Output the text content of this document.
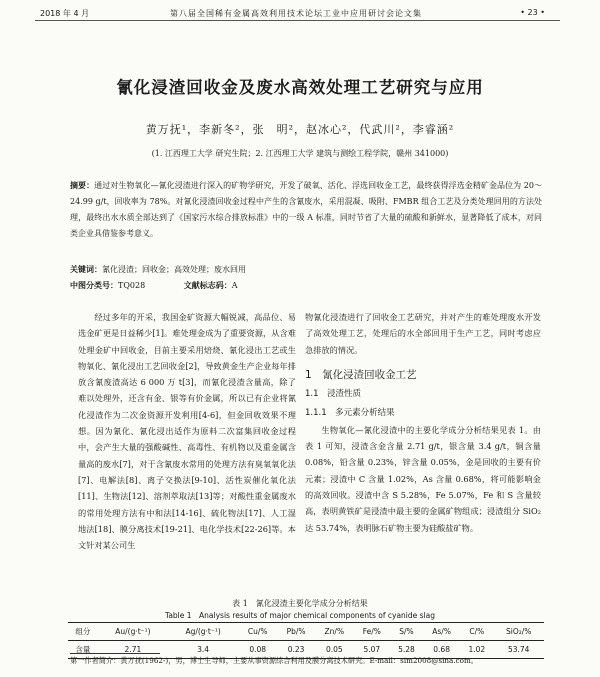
2018 年 4 月	第八届全国稀有金属高效利用技术论坛工业中应用研讨会论文集	• 23 •
氰化浸渣回收金及废水高效处理工艺研究与应用
黄万抚¹，李新冬²，张　明²，赵冰心²，代武川²，李睿涵²
(1. 江西理工大学 研究生院；2. 江西理工大学 建筑与测绘工程学院，赣州 341000)
摘要：通过对生物氧化—氰化浸渣进行深入的矿物学研究，开发了破氧、活化、浮选回收金工艺，最终获得浮选金精矿金品位为 20～24.99 g/t，回收率为 78%。对氰化浸渣回收金过程中产生的含氰废水，采用混凝、吸附、FMBR 组合工艺及分类处理回用的方法处理，最终出水水质全部达到了《国家污水综合排放标准》中的一级 A 标准，同时节省了大量的硫酸和新鲜水，显著降低了成本，对同类企业具借鉴参考意义。
关键词：氰化浸渣；回收金；高效处理；废水回用
中图分类号：TQ028	文献标志码：A
经过多年的开采，我国金矿资源大幅锐减，高品位、易选金矿更是日益稀少[1]。难处理金成为了重要资源，从含难处理金矿中回收金，目前主要采用焙烧、氰化浸出工艺或生物氧化、氰化浸出工艺回收金[2]，导致黄金生产企业每年排放含氰废渣高达 6 000 万 t[3]，而氰化浸渣含量高，除了难以处理外，还含有金、银等有价金属，所以已有企业将氰化浸渣作为二次金资源开发利用[4-6]，但金回收效果不理想。因为氰化、氰化浸出适作为原料二次富集回收金过程中，会产生大量的强酸碱性、高毒性、有机物以及重金属含量高的废水[7]，对于含氰废水常用的处理方法有臭氧氧化法[7]、电解法[8]、离子交换法[9-10]、活性炭催化氧化法[11]、生物法[12]、溶剂萃取法[13]等；对酸性重金属废水的常用处理方法有中和法[14-16]、硫化物法[17]、人工湿地法[18]、膜分离技术[19-21]、电化学技术[22-26]等。本文针对某公司生

物氰化浸渣进行了回收金工艺研究，并对产生的难处理废水开发了高效处理工艺，处理后的水全部回用于生产工艺，同时考虑应急排放的情况。

1　氰化浸渣回收金工艺
1.1　浸渣性质
1.1.1　多元素分析结果

生物氧化—氰化浸渣中的主要化学成分分析结果见表 1。由表 1 可知，浸渣含金含量 2.71 g/t，银含量 3.4 g/t，铜含量 0.08%，铅含量 0.23%，锌含量 0.05%，金是回收的主要有价元素；浸渣中 C 含量 1.02%，As 含量 0.68%，将可能影响金的高效回收。浸渣中含 S 5.28%，Fe 5.07%，Fe 和 S 含量较高，表明黄铁矿是浸渣中最主要的金属矿物组成；浸渣组分 SiO₂ 达 53.74%，表明脉石矿物主要为硅酸盐矿物。

表 1　氰化浸渣主要化学成分分析结果
Table 1　Analysis results of major chemical components of cyanide slag
组分	Au/(g·t⁻¹)	Ag/(g·t⁻¹)	Cu/%	Pb/%	Zn/%	Fe/%	S/%	As/%	C/%	SiO₂/%
含量	2.71	3.4	0.08	0.23	0.05	5.07	5.28	0.68	1.02	53.74
第一作者简介：黄万抚(1962-)，男，博士生导师，主要从事资源综合利用及膜分离技术研究。E-mail：sim2008@sina.com。
